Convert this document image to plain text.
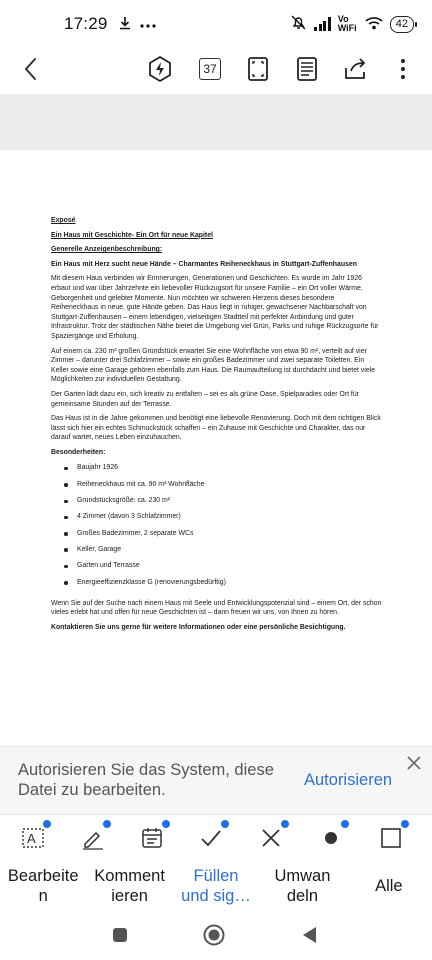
17:29	Vo WiFi	42
37

Exposé

Ein Haus mit Geschichte- Ein Ort für neue Kapitel

Generelle Anzeigenbeschreibung:

Ein Haus mit Herz sucht neue Hände – Charmantes Reiheneckhaus in Stuttgart-Zuffenhausen

Mit diesem Haus verbinden wir Erinnerungen, Generationen und Geschichten. Es wurde im Jahr 1926 erbaut und war über Jahrzehnte ein liebevoller Rückzugsort für unsere Familie – ein Ort voller Wärme, Geborgenheit und gelebter Momente. Nun möchten wir schweren Herzens dieses besondere Reiheneckhaus in neue, gute Hände geben. Das Haus liegt in ruhiger, gewachsener Nachbarschaft von Stuttgart-Zuffenhausen – einem lebendigen, vielseitigen Stadtteil mit perfekter Anbindung und guter Infrastruktur. Trotz der städtischen Nähe bietet die Umgebung viel Grün, Parks und ruhige Rückzugsorte für Spaziergänge und Erholung.

Auf einem ca. 230 m² großen Grundstück erwartet Sie eine Wohnfläche von etwa 90 m², verteilt auf vier Zimmer – darunter drei Schlafzimmer – sowie ein großes Badezimmer und zwei separate Toiletten. Ein Keller sowie eine Garage gehören ebenfalls zum Haus. Die Raumaufteilung ist durchdacht und bietet viele Möglichkeiten zur individuellen Gestaltung.

Der Garten lädt dazu ein, sich kreativ zu entfalten – sei es als grüne Oase, Spielparadies oder Ort für gemeinsame Stunden auf der Terrasse.

Das Haus ist in die Jahre gekommen und benötigt eine liebevolle Renovierung. Doch mit dem richtigen Blick lässt sich hier ein echtes Schmuckstück schaffen – ein Zuhause mit Geschichte und Charakter, das nur darauf wartet, neues Leben einzuhauchen.

Besonderheiten:

Baujahr 1926
Reiheneckhaus mit ca. 90 m² Wohnfläche
Grundstücksgröße: ca. 230 m²
4 Zimmer (davon 3 Schlafzimmer)
Großes Badezimmer, 2 separate WCs
Keller, Garage
Garten und Terrasse
Energieeffizienzklasse G (renovierungsbedürftig)

Wenn Sie auf der Suche nach einem Haus mit Seele und Entwicklungspotenzial sind – einem Ort, der schon vieles erlebt hat und offen für neue Geschichten ist – dann freuen wir uns, von Ihnen zu hören.

Kontaktieren Sie uns gerne für weitere Informationen oder eine persönliche Besichtigung.

Autorisieren Sie das System, diese Datei zu bearbeiten.
Autorisieren
A
Bearbeiten
Kommentieren
Füllen und sig…
Umwandeln
Alle
